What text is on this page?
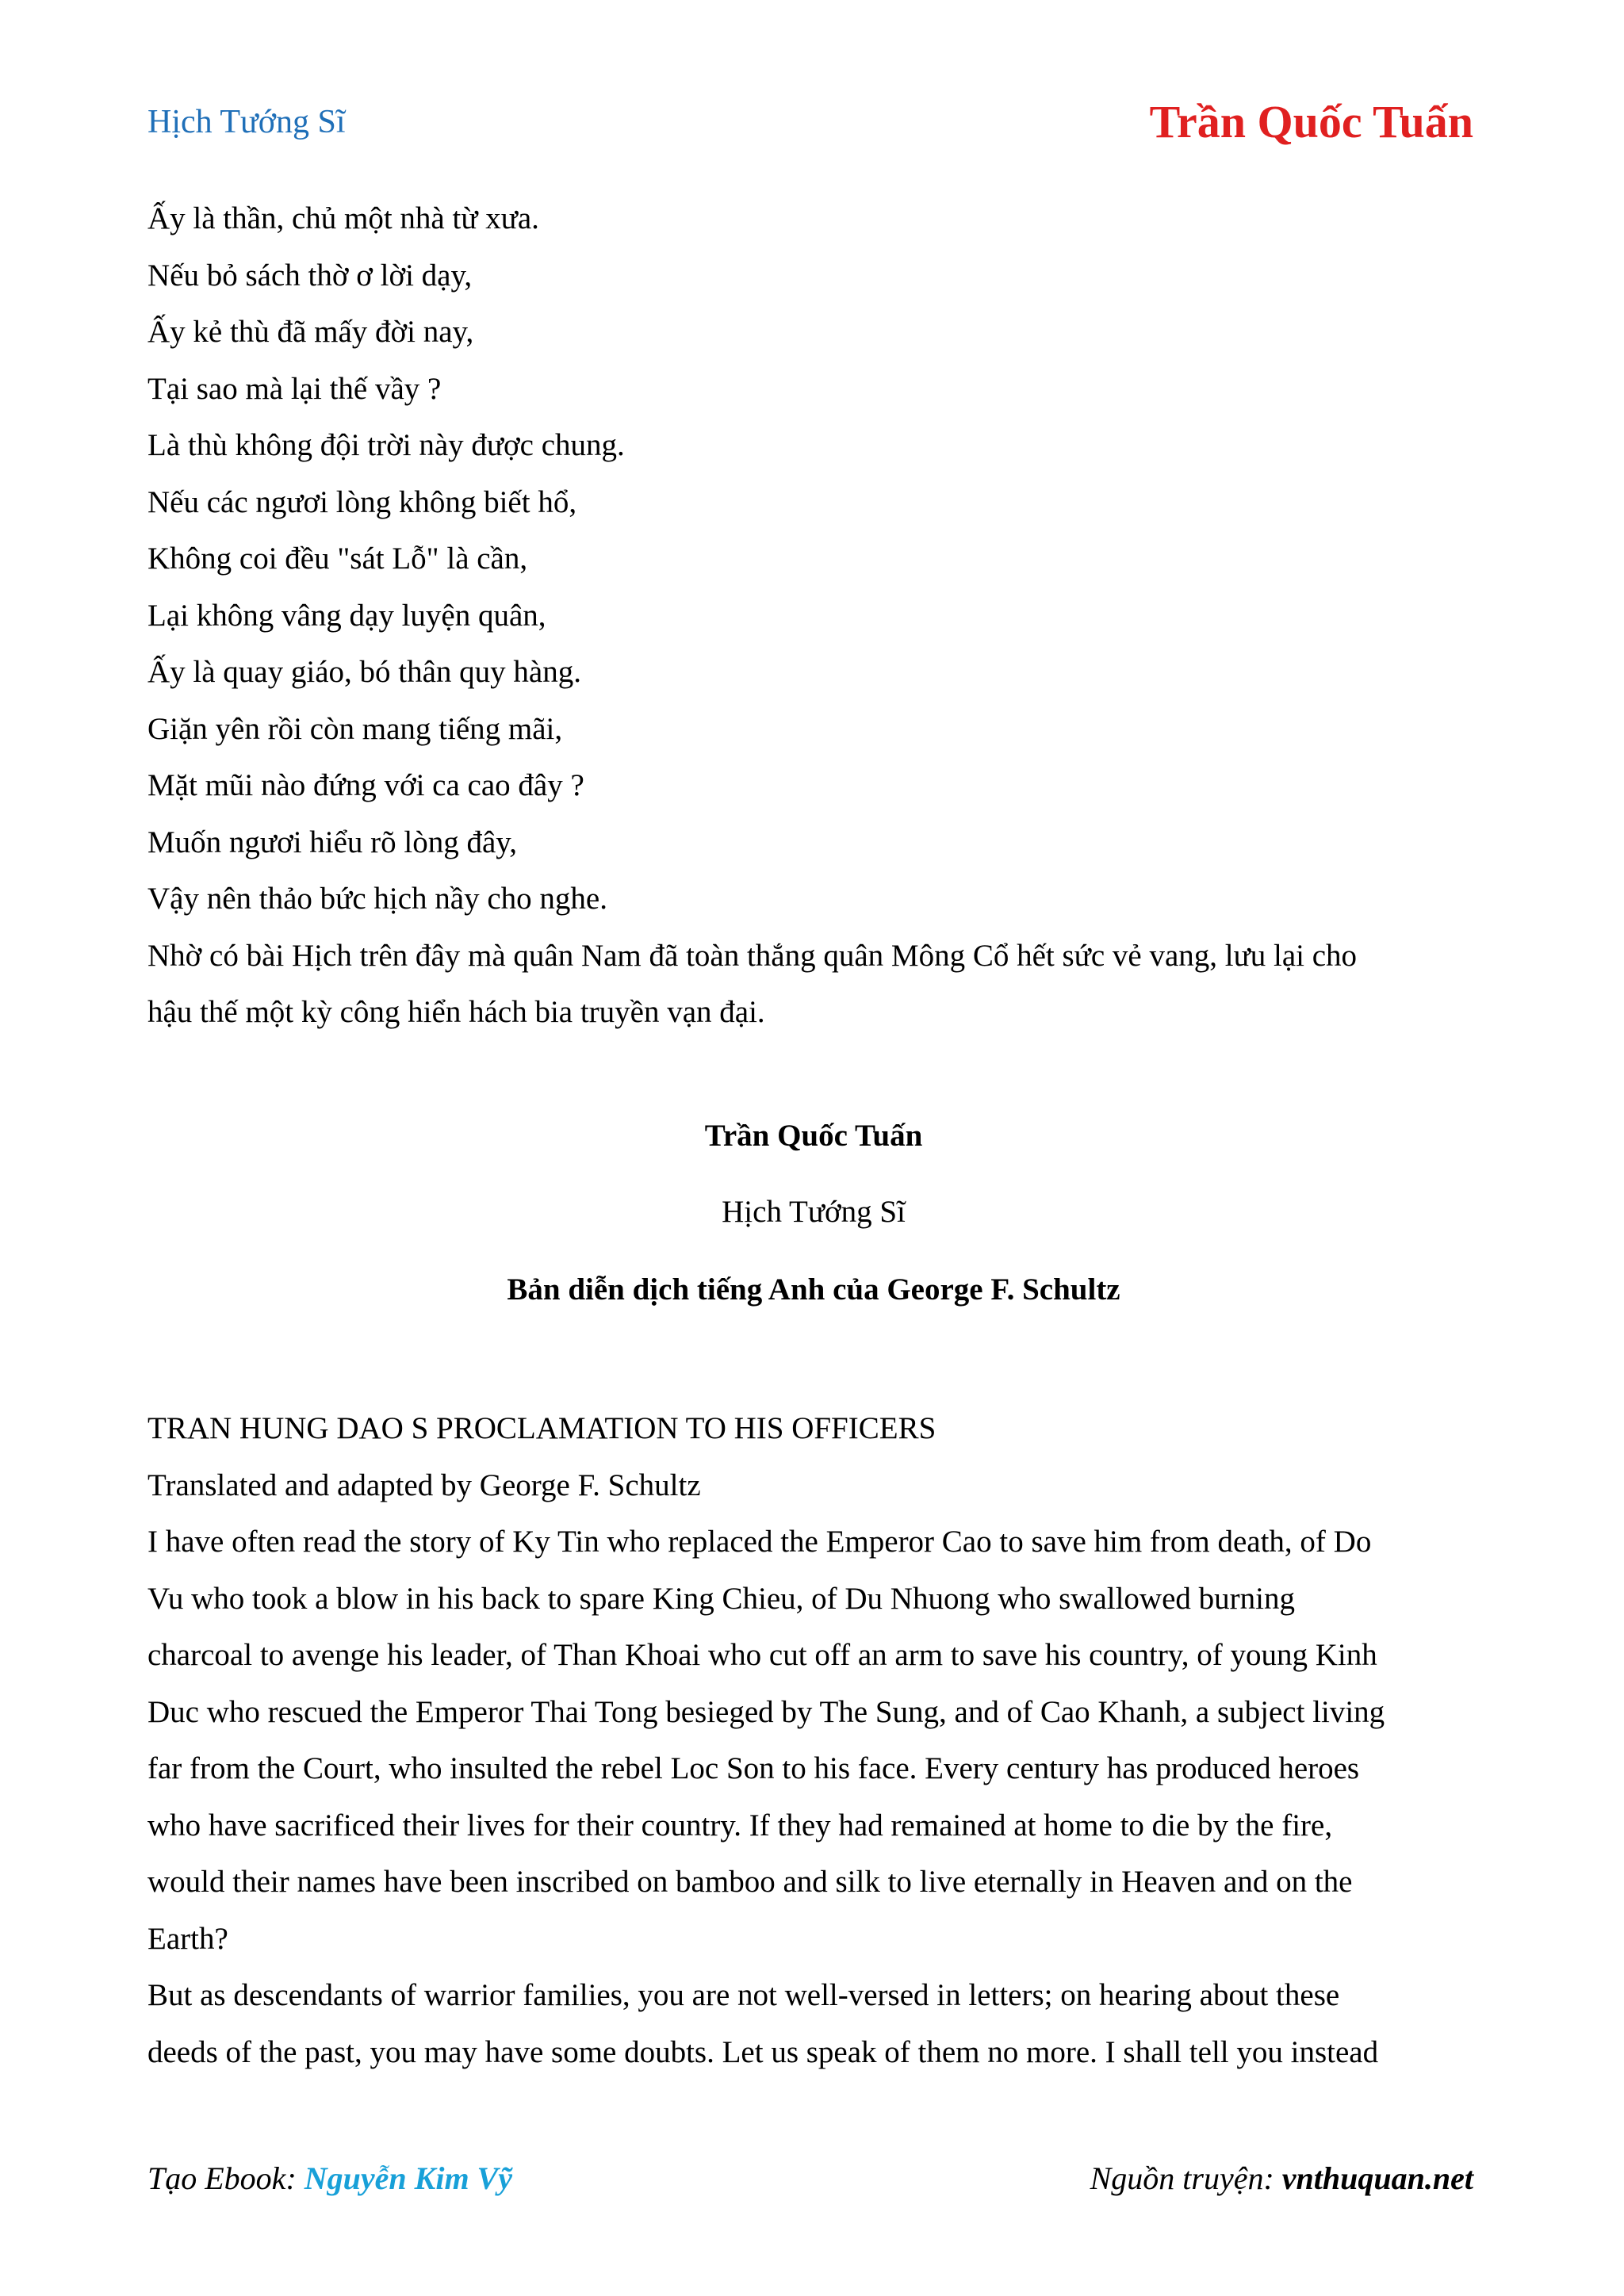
Hịch Tướng Sĩ	Trần Quốc Tuấn
Ấy là thần, chủ một nhà từ xưa.
Nếu bỏ sách thờ ơ lời dạy,
Ấy kẻ thù đã mấy đời nay,
Tại sao mà lại thế vầy ?
Là thù không đội trời này được chung.
Nếu các ngươi lòng không biết hổ,
Không coi đều "sát Lỗ" là cần,
Lại không vâng dạy luyện quân,
Ấy là quay giáo, bó thân quy hàng.
Giặn yên rồi còn mang tiếng mãi,
Mặt mũi nào đứng với ca cao đây ?
Muốn ngươi hiểu rõ lòng đây,
Vậy nên thảo bức hịch nầy cho nghe.
Nhờ có bài Hịch trên đây mà quân Nam đã toàn thắng quân Mông Cổ hết sức vẻ vang, lưu lại cho
hậu thế một kỳ công hiển hách bia truyền vạn đại.
Trần Quốc Tuấn
Hịch Tướng Sĩ
Bản diễn dịch tiếng Anh của George F. Schultz
TRAN HUNG DAO S PROCLAMATION TO HIS OFFICERS
Translated and adapted by George F. Schultz
I have often read the story of Ky Tin who replaced the Emperor Cao to save him from death, of Do
Vu who took a blow in his back to spare King Chieu, of Du Nhuong who swallowed burning
charcoal to avenge his leader, of Than Khoai who cut off an arm to save his country, of young Kinh
Duc who rescued the Emperor Thai Tong besieged by The Sung, and of Cao Khanh, a subject living
far from the Court, who insulted the rebel Loc Son to his face. Every century has produced heroes
who have sacrificed their lives for their country. If they had remained at home to die by the fire,
would their names have been inscribed on bamboo and silk to live eternally in Heaven and on the
Earth?
But as descendants of warrior families, you are not well-versed in letters; on hearing about these
deeds of the past, you may have some doubts. Let us speak of them no more. I shall tell you instead
Tạo Ebook: Nguyễn Kim Vỹ	Nguồn truyện: vnthuquan.net
